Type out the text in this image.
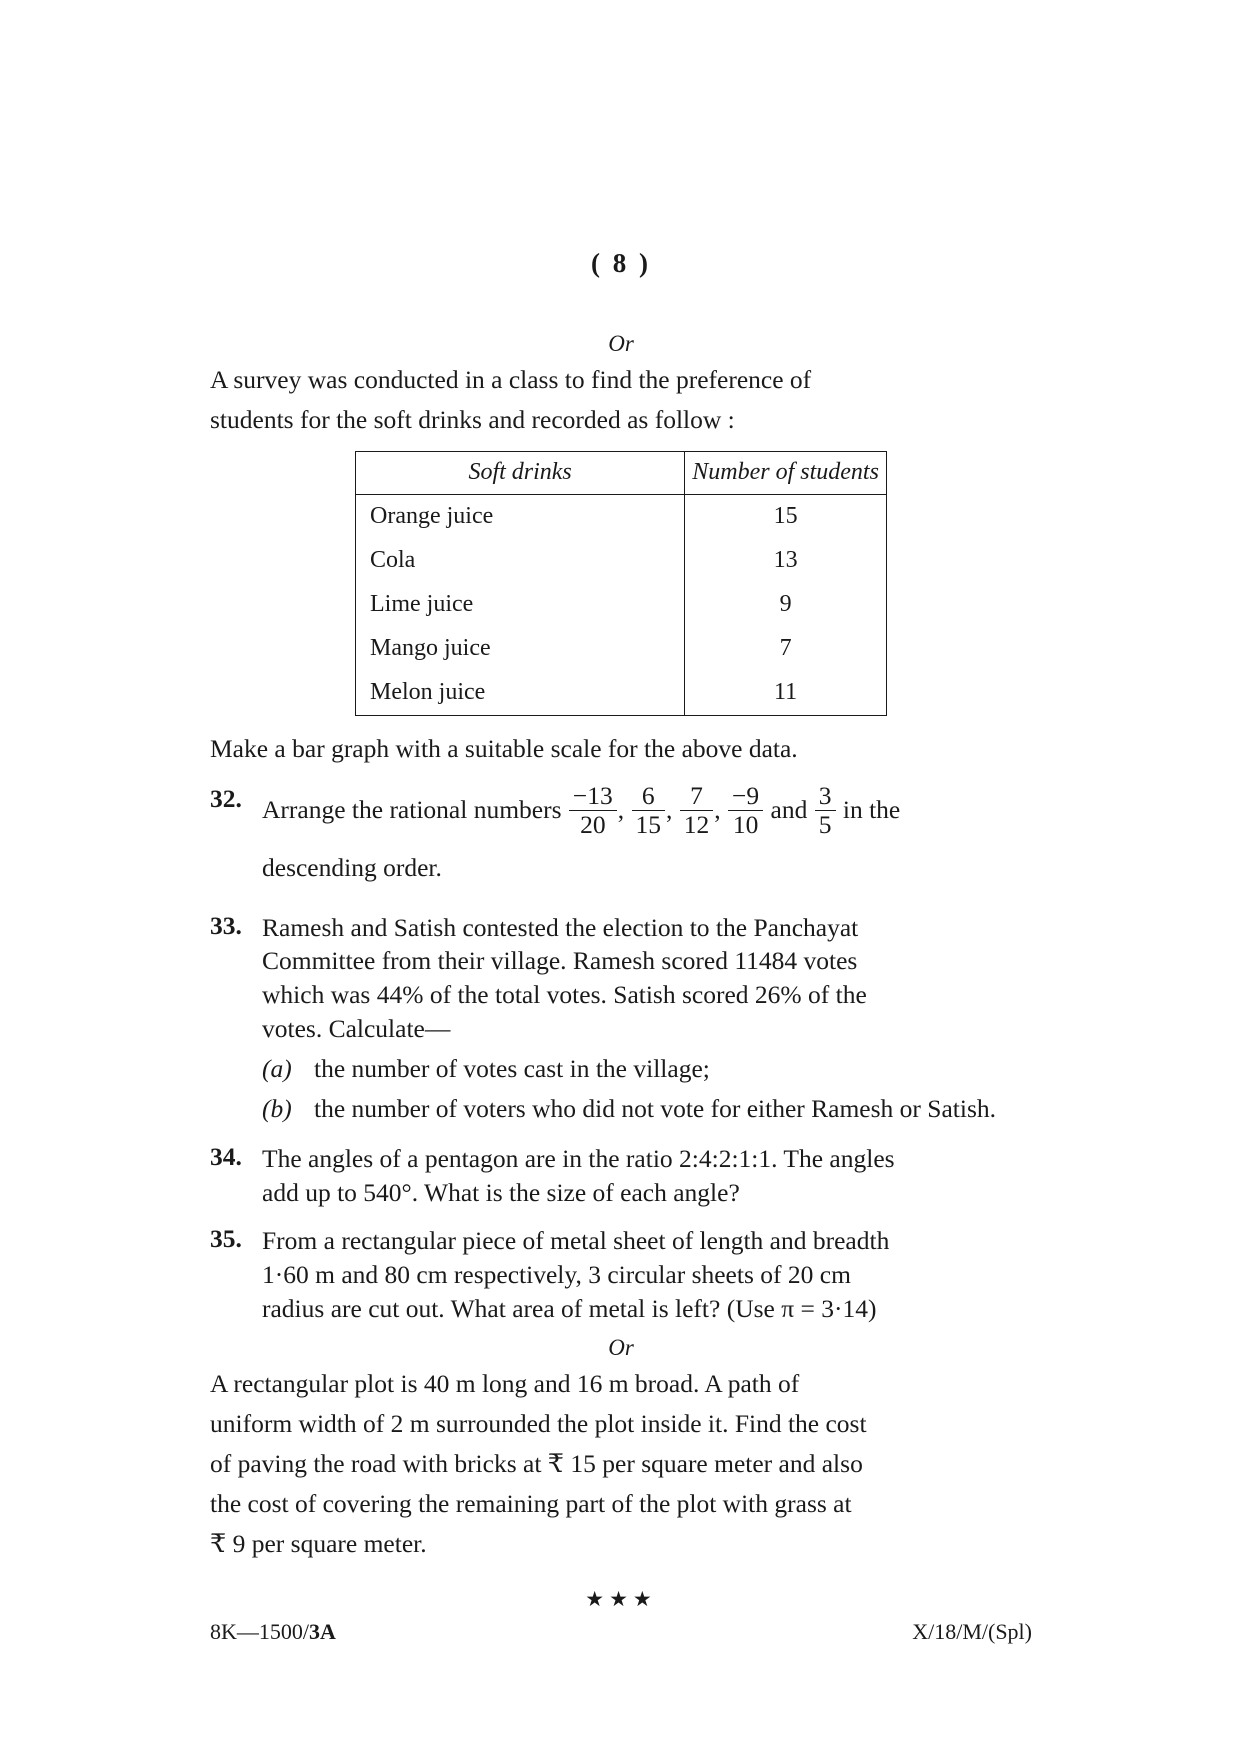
( 8 )
Or
A survey was conducted in a class to find the preference of
students for the soft drinks and recorded as follow :
Soft drinks	Number of students
Orange juice	15
Cola	13
Lime juice	9
Mango juice	7
Melon juice	11
Make a bar graph with a suitable scale for the above data.
32. Arrange the rational numbers $\frac{-13}{20}$ , $\frac{6}{15}$ , $\frac{7}{12}$ , $\frac{-9}{10}$ and $\frac{3}{5}$ in the
descending order.
33. Ramesh and Satish contested the election to the Panchayat
Committee from their village. Ramesh scored 11484 votes
which was 44% of the total votes. Satish scored 26% of the
votes. Calculate—
(a) the number of votes cast in the village;
(b) the number of voters who did not vote for either Ramesh or Satish.
34. The angles of a pentagon are in the ratio 2:4:2:1:1. The angles
add up to 540°. What is the size of each angle?
35. From a rectangular piece of metal sheet of length and breadth
1·60 m and 80 cm respectively, 3 circular sheets of 20 cm
radius are cut out. What area of metal is left? (Use π = 3·14)
Or
A rectangular plot is 40 m long and 16 m broad. A path of
uniform width of 2 m surrounded the plot inside it. Find the cost
of paving the road with bricks at ₹ 15 per square meter and also
the cost of covering the remaining part of the plot with grass at
₹ 9 per square meter.
★★★
8K—1500/3A	X/18/M/(Spl)
